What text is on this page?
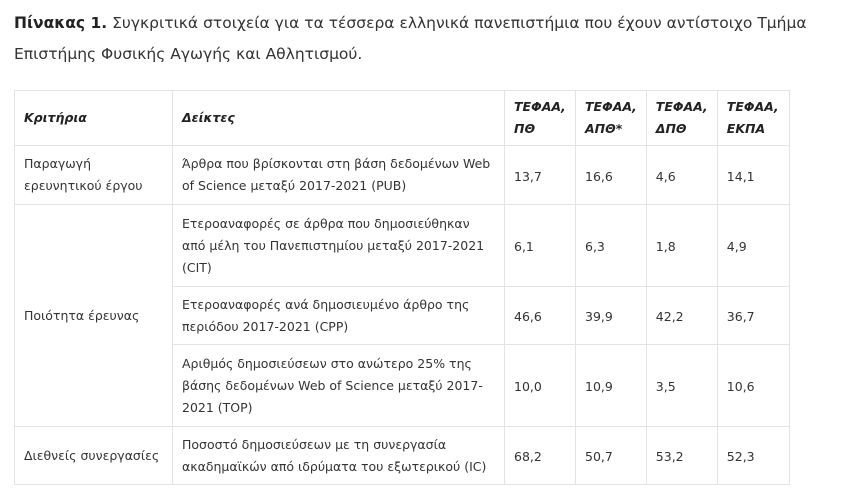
Πίνακας 1. Συγκριτικά στοιχεία για τα τέσσερα ελληνικά πανεπιστήμια που έχουν αντίστοιχο Τμήμα Επιστήμης Φυσικής Αγωγής και Αθλητισμού.

Κριτήρια	Δείκτες	ΤΕΦΑΑ, ΠΘ	ΤΕΦΑΑ, ΑΠΘ*	ΤΕΦΑΑ, ΔΠΘ	ΤΕΦΑΑ, ΕΚΠΑ
Παραγωγή ερευνητικού έργου	Άρθρα που βρίσκονται στη βάση δεδομένων Web of Science μεταξύ 2017-2021 (PUB)	13,7	16,6	4,6	14,1
Ποιότητα έρευνας	Ετεροαναφορές σε άρθρα που δημοσιεύθηκαν από μέλη του Πανεπιστημίου μεταξύ 2017-2021 (CIT)	6,1	6,3	1,8	4,9
	Ετεροαναφορές ανά δημοσιευμένο άρθρο της περιόδου 2017-2021 (CPP)	46,6	39,9	42,2	36,7
	Αριθμός δημοσιεύσεων στο ανώτερο 25% της βάσης δεδομένων Web of Science μεταξύ 2017-2021 (TOP)	10,0	10,9	3,5	10,6
Διεθνείς συνεργασίες	Ποσοστό δημοσιεύσεων με τη συνεργασία ακαδημαϊκών από ιδρύματα του εξωτερικού (IC)	68,2	50,7	53,2	52,3
